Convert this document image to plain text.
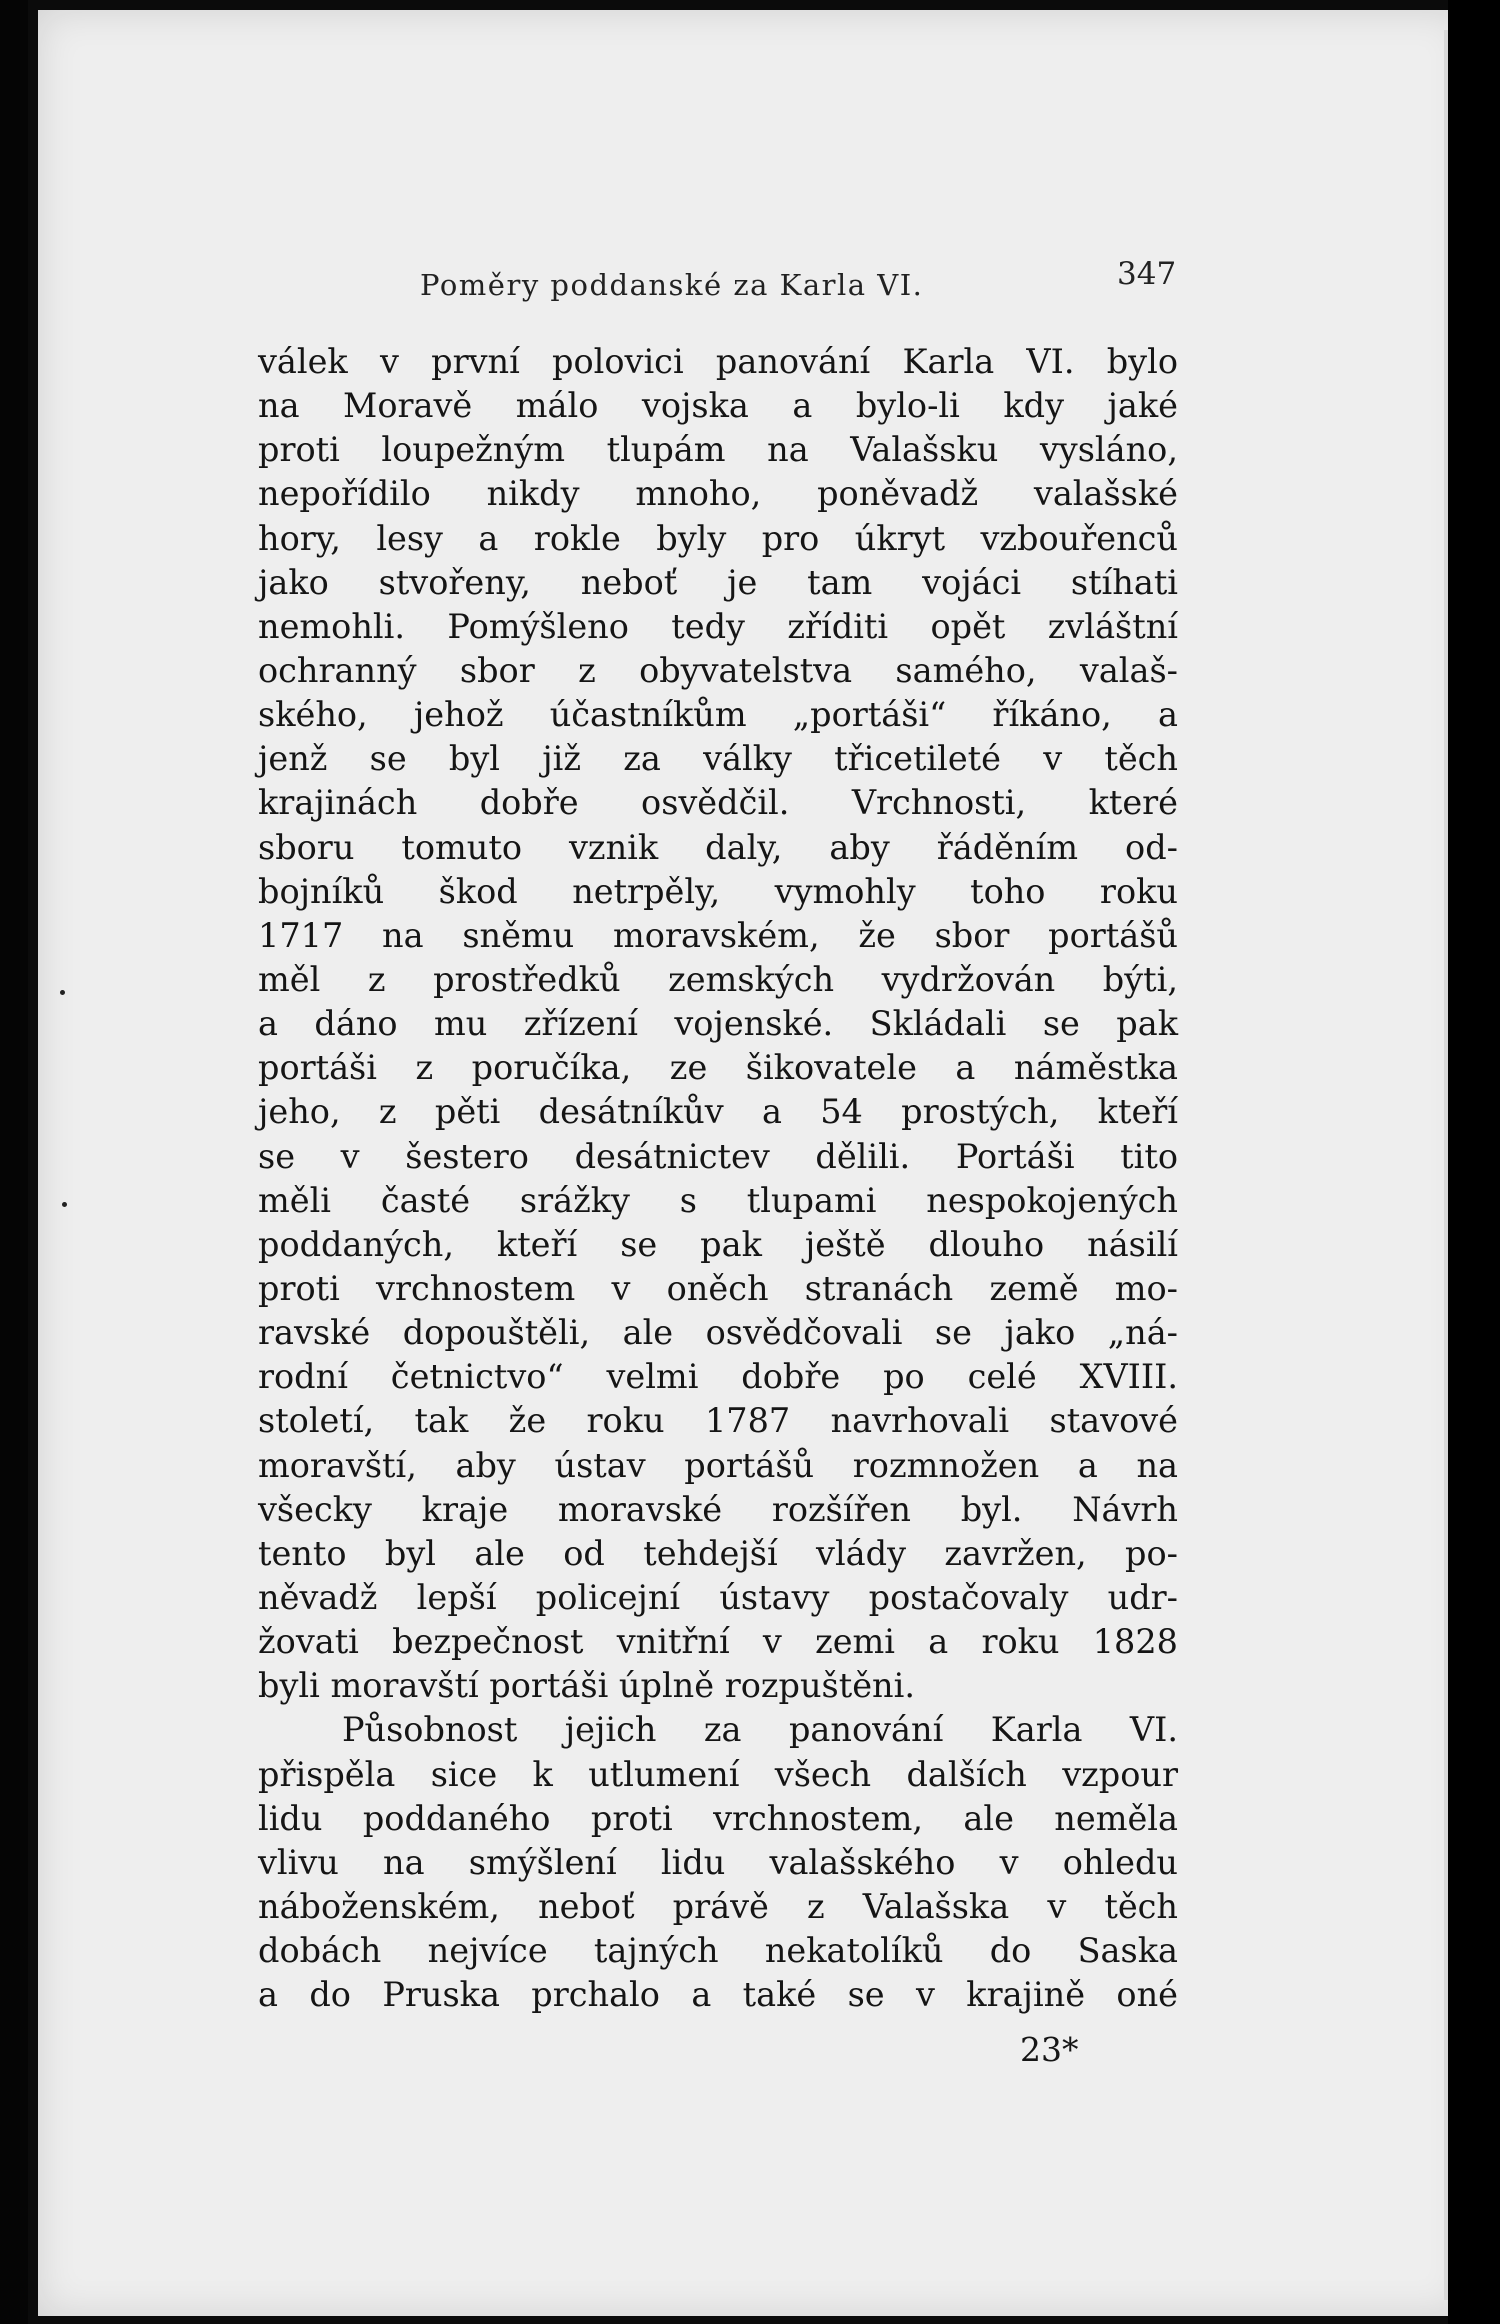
Poměry poddanské za Karla VI.	347
válek v první polovici panování Karla VI. bylo
na Moravě málo vojska a bylo-li kdy jaké
proti loupežným tlupám na Valašsku vysláno,
nepořídilo nikdy mnoho, poněvadž valašské
hory, lesy a rokle byly pro úkryt vzbouřenců
jako stvořeny, neboť je tam vojáci stíhati
nemohli. Pomýšleno tedy zříditi opět zvláštní
ochranný sbor z obyvatelstva samého, valaš-
ského, jehož účastníkům „portáši“ říkáno, a
jenž se byl již za války třicetileté v těch
krajinách dobře osvědčil. Vrchnosti, které
sboru tomuto vznik daly, aby řáděním od-
bojníků škod netrpěly, vymohly toho roku
1717 na sněmu moravském, že sbor portášů
měl z prostředků zemských vydržován býti,
a dáno mu zřízení vojenské. Skládali se pak
portáši z poručíka, ze šikovatele a náměstka
jeho, z pěti desátníkův a 54 prostých, kteří
se v šestero desátnictev dělili. Portáši tito
měli časté srážky s tlupami nespokojených
poddaných, kteří se pak ještě dlouho násilí
proti vrchnostem v oněch stranách země mo-
ravské dopouštěli, ale osvědčovali se jako „ná-
rodní četnictvo“ velmi dobře po celé XVIII.
století, tak že roku 1787 navrhovali stavové
moravští, aby ústav portášů rozmnožen a na
všecky kraje moravské rozšířen byl. Návrh
tento byl ale od tehdejší vlády zavržen, po-
něvadž lepší policejní ústavy postačovaly udr-
žovati bezpečnost vnitřní v zemi a roku 1828
byli moravští portáši úplně rozpuštěni.
Působnost jejich za panování Karla VI.
přispěla sice k utlumení všech dalších vzpour
lidu poddaného proti vrchnostem, ale neměla
vlivu na smýšlení lidu valašského v ohledu
náboženském, neboť právě z Valašska v těch
dobách nejvíce tajných nekatolíků do Saska
a do Pruska prchalo a také se v krajině oné
23*
